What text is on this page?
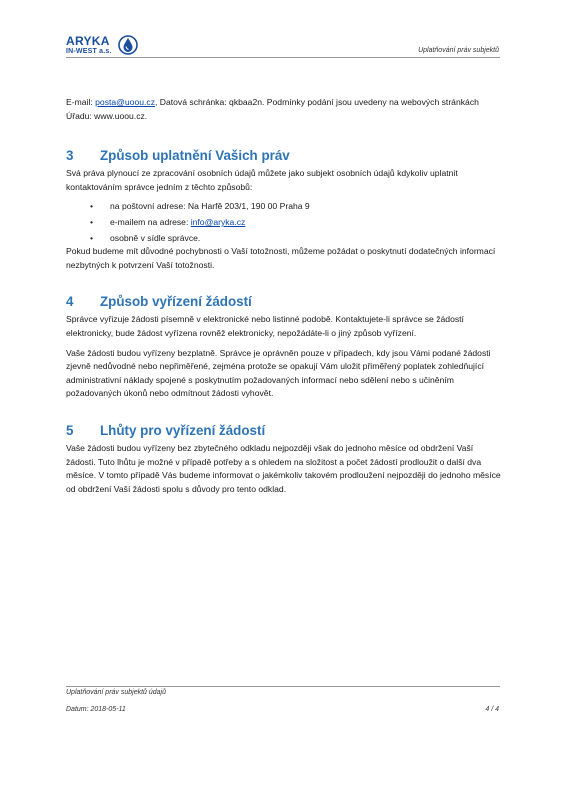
ARYKA
IN-WEST a.s.	Uplatňování práv subjektů

E-mail: posta@uoou.cz, Datová schránka: qkbaa2n. Podmínky podání jsou uvedeny na webových stránkách Úřadu: www.uoou.cz.

3	Způsob uplatnění Vašich práv

Svá práva plynoucí ze zpracování osobních údajů můžete jako subjekt osobních údajů kdykoliv uplatnit kontaktováním správce jedním z těchto způsobů:

• na poštovní adrese: Na Harfě 203/1, 190 00 Praha 9
• e-mailem na adrese: info@aryka.cz
• osobně v sídle správce.

Pokud budeme mít důvodné pochybnosti o Vaší totožnosti, můžeme požádat o poskytnutí dodatečných informací nezbytných k potvrzení Vaší totožnosti.

4	Způsob vyřízení žádostí

Správce vyřizuje žádosti písemně v elektronické nebo listinné podobě. Kontaktujete-li správce se žádostí elektronicky, bude žádost vyřízena rovněž elektronicky, nepožádáte-li o jiný způsob vyřízení.

Vaše žádosti budou vyřízeny bezplatně. Správce je oprávněn pouze v případech, kdy jsou Vámi podané žádosti zjevně nedůvodné nebo nepřiměřené, zejména protože se opakují Vám uložit přiměřený poplatek zohledňující administrativní náklady spojené s poskytnutím požadovaných informací nebo sdělení nebo s učiněním požadovaných úkonů nebo odmítnout žádosti vyhovět.

5	Lhůty pro vyřízení žádostí

Vaše žádosti budou vyřízeny bez zbytečného odkladu nejpozději však do jednoho měsíce od obdržení Vaší žádosti. Tuto lhůtu je možné v případě potřeby a s ohledem na složitost a počet žádostí prodloužit o další dva měsíce. V tomto případě Vás budeme informovat o jakémkoliv takovém prodloužení nejpozději do jednoho měsíce od obdržení Vaší žádosti spolu s důvody pro tento odklad.

Uplatňování práv subjektů údajů
Datum: 2018-05-11	4 / 4
